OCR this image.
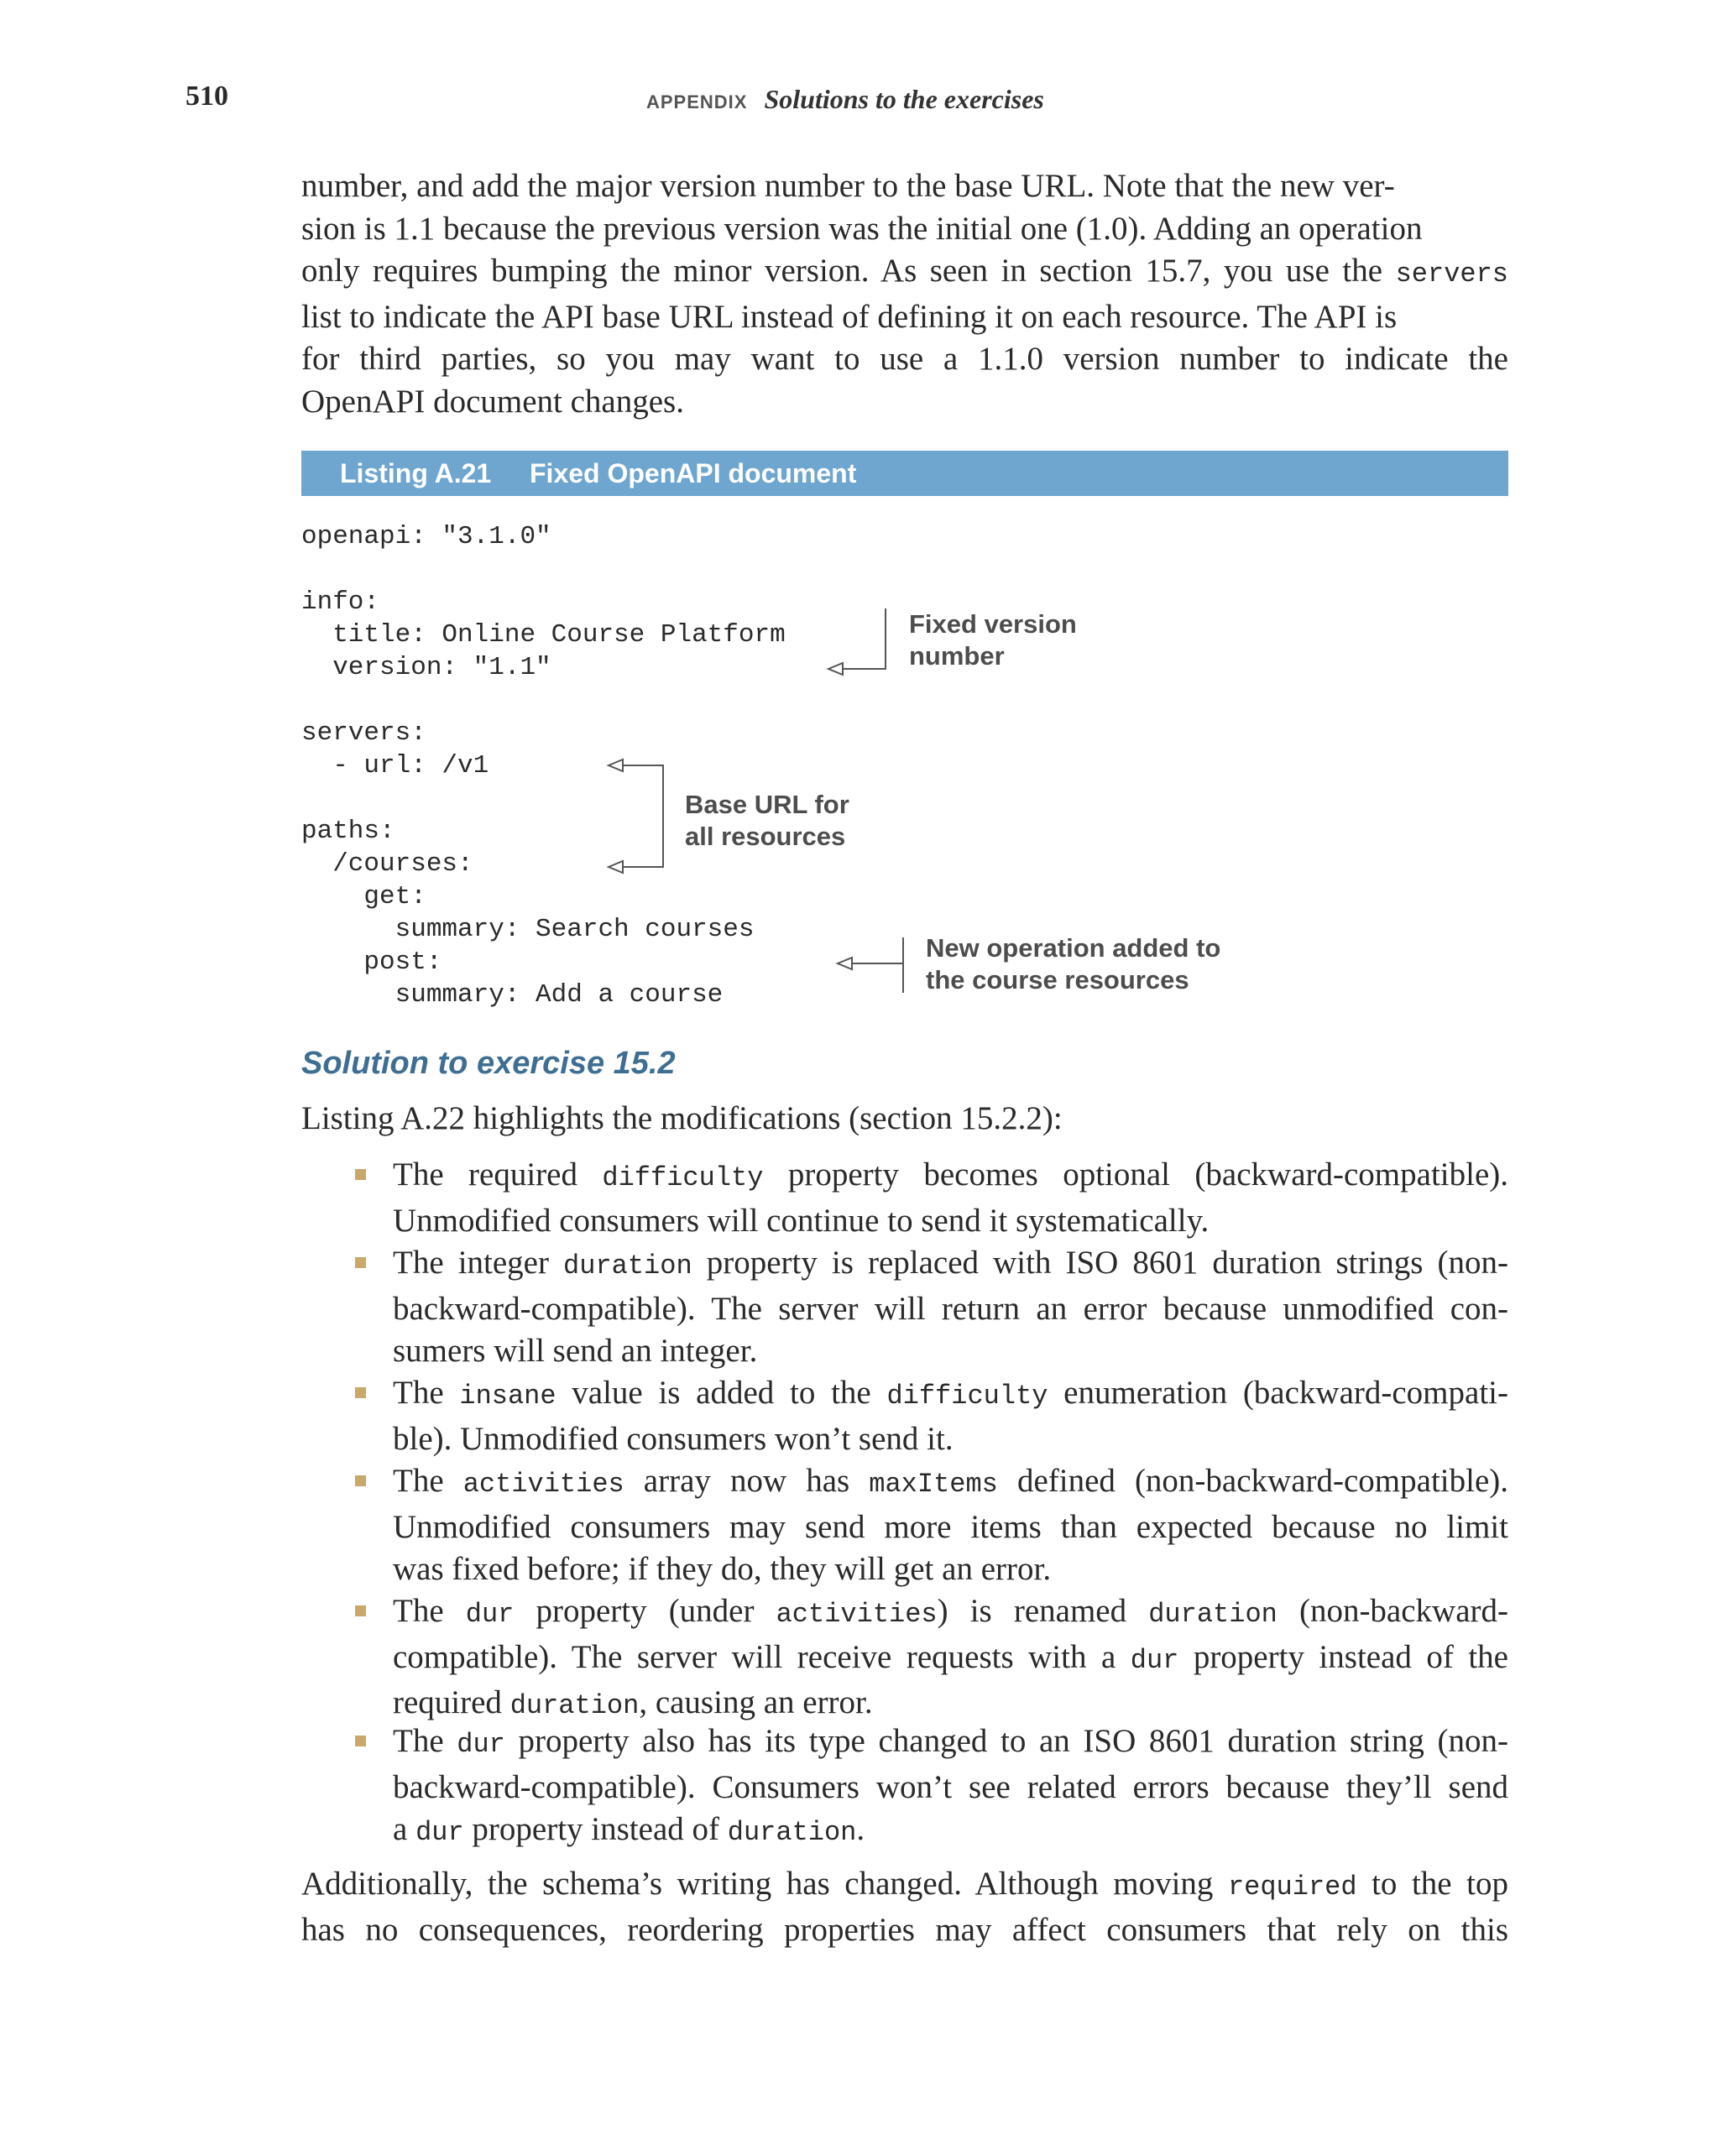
510	APPENDIX Solutions to the exercises
number, and add the major version number to the base URL. Note that the new ver-
sion is 1.1 because the previous version was the initial one (1.0). Adding an operation
only requires bumping the minor version. As seen in section 15.7, you use the servers
list to indicate the API base URL instead of defining it on each resource. The API is
for third parties, so you may want to use a 1.1.0 version number to indicate the
OpenAPI document changes.
Listing A.21 Fixed OpenAPI document
openapi: "3.1.0"
info:
title: Online Course Platform
version: "1.1"
servers:
- url: /v1
paths:
/courses:
get:
summary: Search courses
post:
summary: Add a course
Fixed version
number
Base URL for
all resources
New operation added to
the course resources
Solution to exercise 15.2
Listing A.22 highlights the modifications (section 15.2.2):
The required difficulty property becomes optional (backward-compatible).
Unmodified consumers will continue to send it systematically.
The integer duration property is replaced with ISO 8601 duration strings (non-
backward-compatible). The server will return an error because unmodified con-
sumers will send an integer.
The insane value is added to the difficulty enumeration (backward-compati-
ble). Unmodified consumers won’t send it.
The activities array now has maxItems defined (non-backward-compatible).
Unmodified consumers may send more items than expected because no limit
was fixed before; if they do, they will get an error.
The dur property (under activities) is renamed duration (non-backward-
compatible). The server will receive requests with a dur property instead of the
required duration, causing an error.
The dur property also has its type changed to an ISO 8601 duration string (non-
backward-compatible). Consumers won’t see related errors because they’ll send
a dur property instead of duration.
Additionally, the schema’s writing has changed. Although moving required to the top
has no consequences, reordering properties may affect consumers that rely on this
